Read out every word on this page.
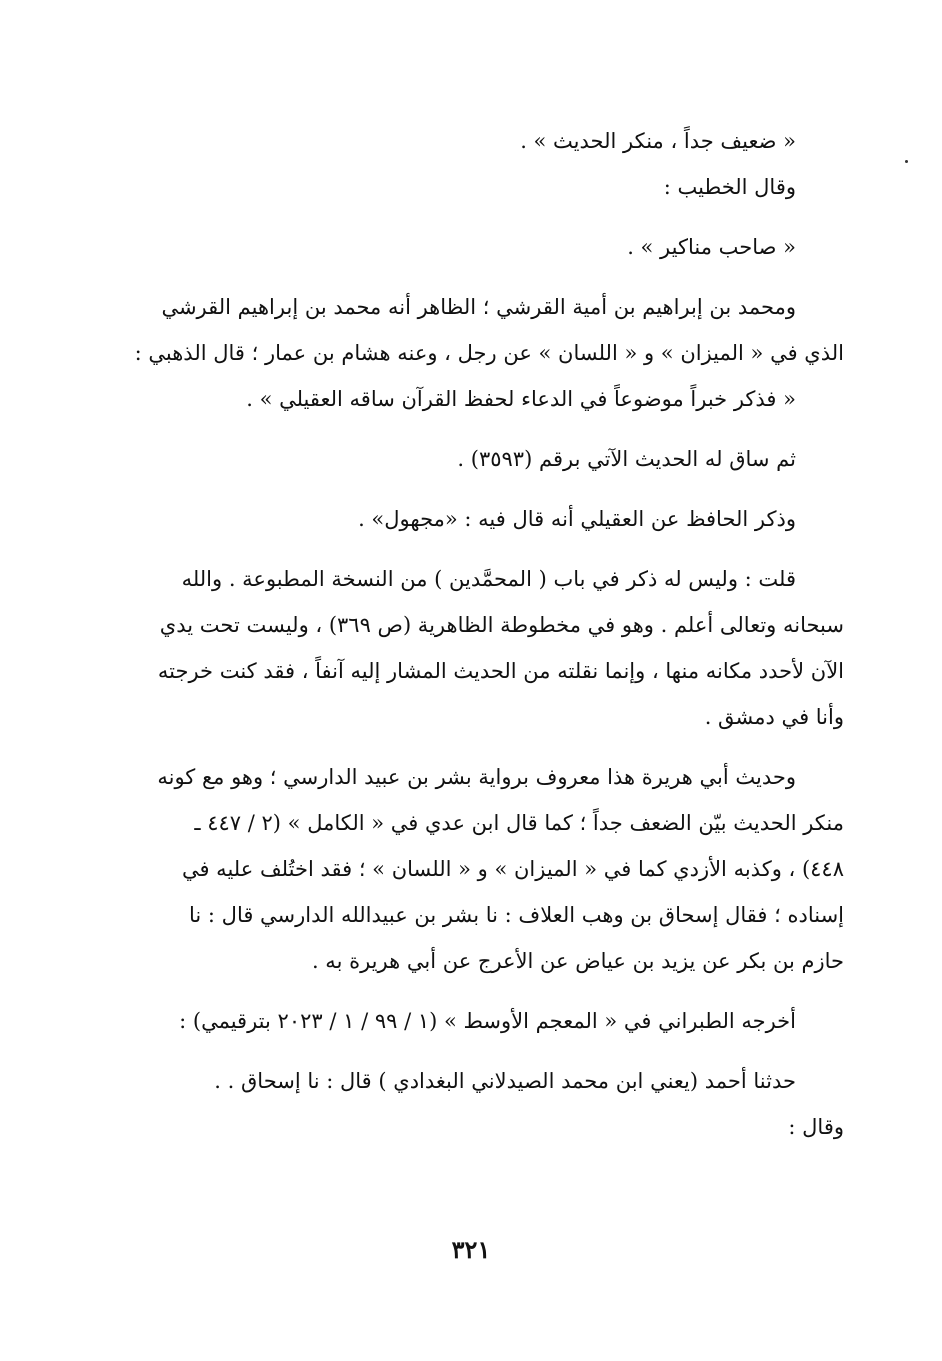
« ضعيف جداً ، منكر الحديث » .
وقال الخطيب :
« صاحب مناكير » .
ومحمد بن إبراهيم بن أمية القرشي ؛ الظاهر أنه محمد بن إبراهيم القرشي
الذي في « الميزان » و « اللسان » عن رجل ، وعنه هشام بن عمار ؛ قال الذهبي :
« فذكر خبراً موضوعاً في الدعاء لحفظ القرآن ساقه العقيلي » .
ثم ساق له الحديث الآتي برقم (٣٥٩٣) .
وذكر الحافظ عن العقيلي أنه قال فيه : «مجهول» .
قلت : وليس له ذكر في باب ( المحمَّدين ) من النسخة المطبوعة . والله
سبحانه وتعالى أعلم . وهو في مخطوطة الظاهرية (ص ٣٦٩) ، وليست تحت يدي
الآن لأحدد مكانه منها ، وإنما نقلته من الحديث المشار إليه آنفاً ، فقد كنت خرجته
وأنا في دمشق .
وحديث أبي هريرة هذا معروف برواية بشر بن عبيد الدارسي ؛ وهو مع كونه
منكر الحديث بيّن الضعف جداً ؛ كما قال ابن عدي في « الكامل » (٢ / ٤٤٧ ـ
٤٤٨) ، وكذبه الأزدي كما في « الميزان » و « اللسان » ؛ فقد اختُلف عليه في
إسناده ؛ فقال إسحاق بن وهب العلاف : نا بشر بن عبيدالله الدارسي قال : نا
حازم بن بكر عن يزيد بن عياض عن الأعرج عن أبي هريرة به .
أخرجه الطبراني في « المعجم الأوسط » (١ / ٩٩ / ١ / ٢٠٢٣ بترقيمي) :
حدثنا أحمد (يعني ابن محمد الصيدلاني البغدادي ) قال : نا إسحاق . .
وقال :
٣٢١
